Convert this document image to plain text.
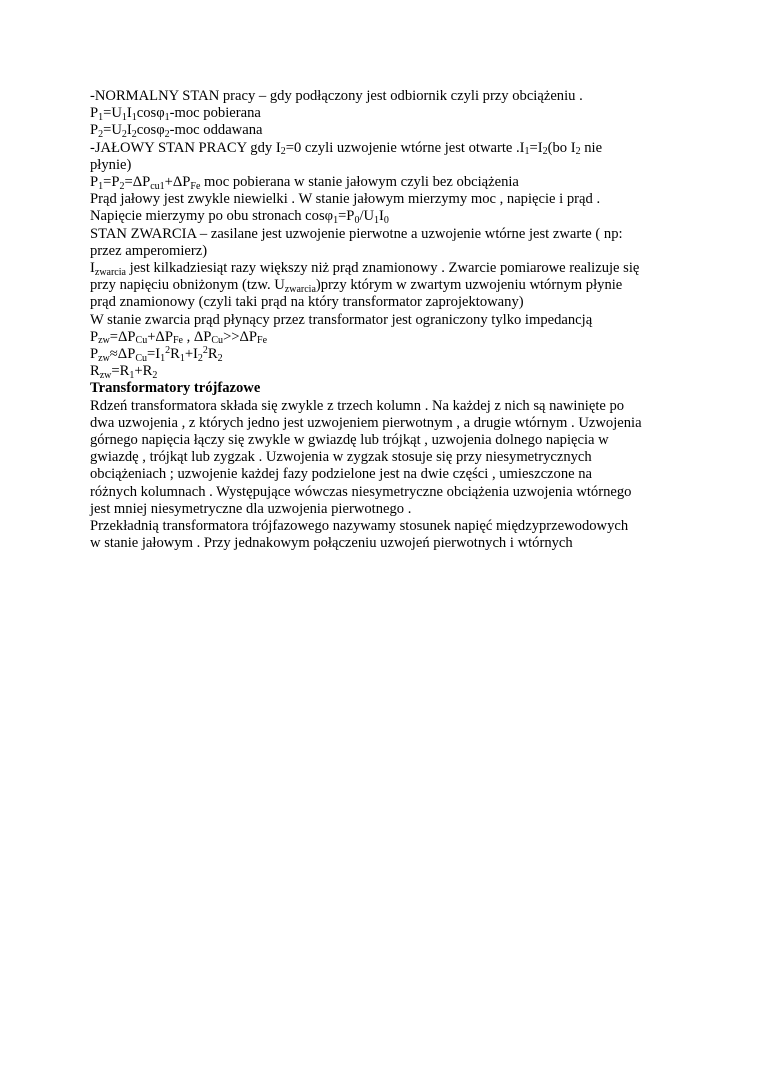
-NORMALNY STAN pracy – gdy podłączony jest odbiornik czyli przy obciążeniu .
$P_1=U_1I_1\cos\varphi_1$-moc pobierana
$P_2=U_2I_2\cos\varphi_2$-moc oddawana
-JAŁOWY STAN PRACY gdy $I_2=0$ czyli uzwojenie wtórne jest otwarte $.I_1=I_2(bo$ $I_2$ nie
płynie)
$P_1=P_2=\Delta P_{cu1}+\Delta P_{Fe}$ moc pobierana w stanie jałowym czyli bez obciążenia
Prąd jałowy jest zwykle niewielki . W stanie jałowym mierzymy moc , napięcie i prąd .
Napięcie mierzymy po obu stronach $\cos\varphi_1=P_0/U_1I_0$
STAN ZWARCIA – zasilane jest uzwojenie pierwotne a uzwojenie wtórne jest zwarte ( np:
przez amperomierz)
$I_{zwarcia}$ jest kilkadziesiąt razy większy niż prąd znamionowy . Zwarcie pomiarowe realizuje się
przy napięciu obniżonym (tzw. $U_{zwarcia})przy$ którym w zwartym uzwojeniu wtórnym płynie
prąd znamionowy (czyli taki prąd na który transformator zaprojektowany)
W stanie zwarcia prąd płynący przez transformator jest ograniczony tylko impedancją
$P_{zw}=\Delta P_{Cu}+\Delta P_{Fe}$ , $\Delta P_{Cu}>>\Delta P_{Fe}$
$P_{zw}\approx\Delta P_{Cu}=I_1^2R_1+I_2^2R_2$
$R_{zw}=R_1+R_2$
Transformatory trójfazowe
Rdzeń transformatora składa się zwykle z trzech kolumn . Na każdej z nich są nawinięte po
dwa uzwojenia , z których jedno jest uzwojeniem pierwotnym , a drugie wtórnym . Uzwojenia
górnego napięcia łączy się zwykle w gwiazdę lub trójkąt , uzwojenia dolnego napięcia w
gwiazdę , trójkąt lub zygzak . Uzwojenia w zygzak stosuje się przy niesymetrycznych
obciążeniach ; uzwojenie każdej fazy podzielone jest na dwie części , umieszczone na
różnych kolumnach . Występujące wówczas niesymetryczne obciążenia uzwojenia wtórnego
jest mniej niesymetryczne dla uzwojenia pierwotnego .
Przekładnią transformatora trójfazowego nazywamy stosunek napięć międzyprzewodowych
w stanie jałowym . Przy jednakowym połączeniu uzwojeń pierwotnych i wtórnych
